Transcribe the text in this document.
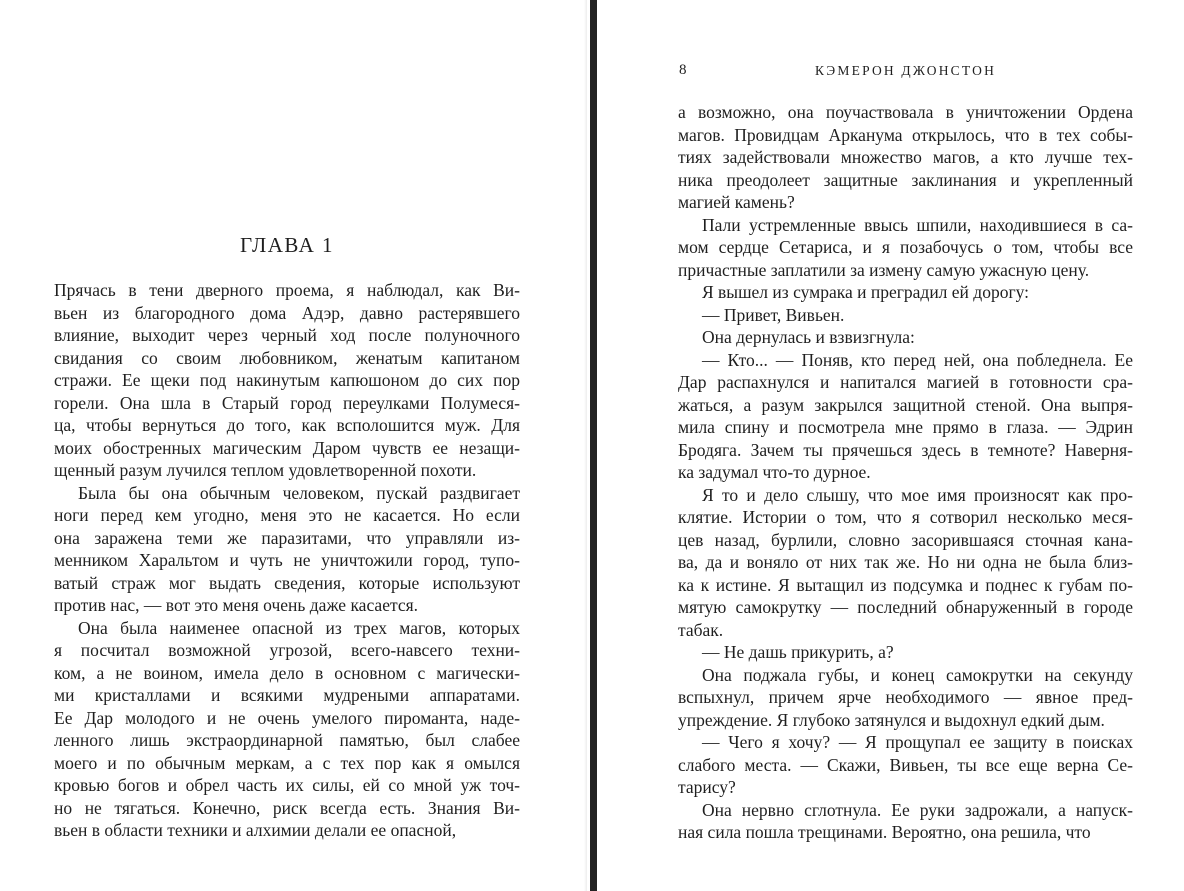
ГЛАВА 1
Прячась в тени дверного проема, я наблюдал, как Ви-
вьен из благородного дома Адэр, давно растерявшего
влияние, выходит через черный ход после полуночного
свидания со своим любовником, женатым капитаном
стражи. Ее щеки под накинутым капюшоном до сих пор
горели. Она шла в Старый город переулками Полумеся-
ца, чтобы вернуться до того, как всполошится муж. Для
моих обостренных магическим Даром чувств ее незащи-
щенный разум лучился теплом удовлетворенной похоти.
Была бы она обычным человеком, пускай раздвигает
ноги перед кем угодно, меня это не касается. Но если
она заражена теми же паразитами, что управляли из-
менником Харальтом и чуть не уничтожили город, тупо-
ватый страж мог выдать сведения, которые используют
против нас, — вот это меня очень даже касается.
Она была наименее опасной из трех магов, которых
я посчитал возможной угрозой, всего-навсего техни-
ком, а не воином, имела дело в основном с магически-
ми кристаллами и всякими мудреными аппаратами.
Ее Дар молодого и не очень умелого пироманта, наде-
ленного лишь экстраординарной памятью, был слабее
моего и по обычным меркам, а с тех пор как я омылся
кровью богов и обрел часть их силы, ей со мной уж точ-
но не тягаться. Конечно, риск всегда есть. Знания Ви-
вьен в области техники и алхимии делали ее опасной,
8	КЭМЕРОН ДЖОНСТОН
а возможно, она поучаствовала в уничтожении Ордена
магов. Провидцам Арканума открылось, что в тех собы-
тиях задействовали множество магов, а кто лучше тех-
ника преодолеет защитные заклинания и укрепленный
магией камень?
Пали устремленные ввысь шпили, находившиеся в са-
мом сердце Сетариса, и я позабочусь о том, чтобы все
причастные заплатили за измену самую ужасную цену.
Я вышел из сумрака и преградил ей дорогу:
— Привет, Вивьен.
Она дернулась и взвизгнула:
— Кто... — Поняв, кто перед ней, она побледнела. Ее
Дар распахнулся и напитался магией в готовности сра-
жаться, а разум закрылся защитной стеной. Она выпря-
мила спину и посмотрела мне прямо в глаза. — Эдрин
Бродяга. Зачем ты прячешься здесь в темноте? Наверня-
ка задумал что-то дурное.
Я то и дело слышу, что мое имя произносят как про-
клятие. Истории о том, что я сотворил несколько меся-
цев назад, бурлили, словно засорившаяся сточная кана-
ва, да и воняло от них так же. Но ни одна не была близ-
ка к истине. Я вытащил из подсумка и поднес к губам по-
мятую самокрутку — последний обнаруженный в городе
табак.
— Не дашь прикурить, а?
Она поджала губы, и конец самокрутки на секунду
вспыхнул, причем ярче необходимого — явное пред-
упреждение. Я глубоко затянулся и выдохнул едкий дым.
— Чего я хочу? — Я прощупал ее защиту в поисках
слабого места. — Скажи, Вивьен, ты все еще верна Се-
тарису?
Она нервно сглотнула. Ее руки задрожали, а напуск-
ная сила пошла трещинами. Вероятно, она решила, что
